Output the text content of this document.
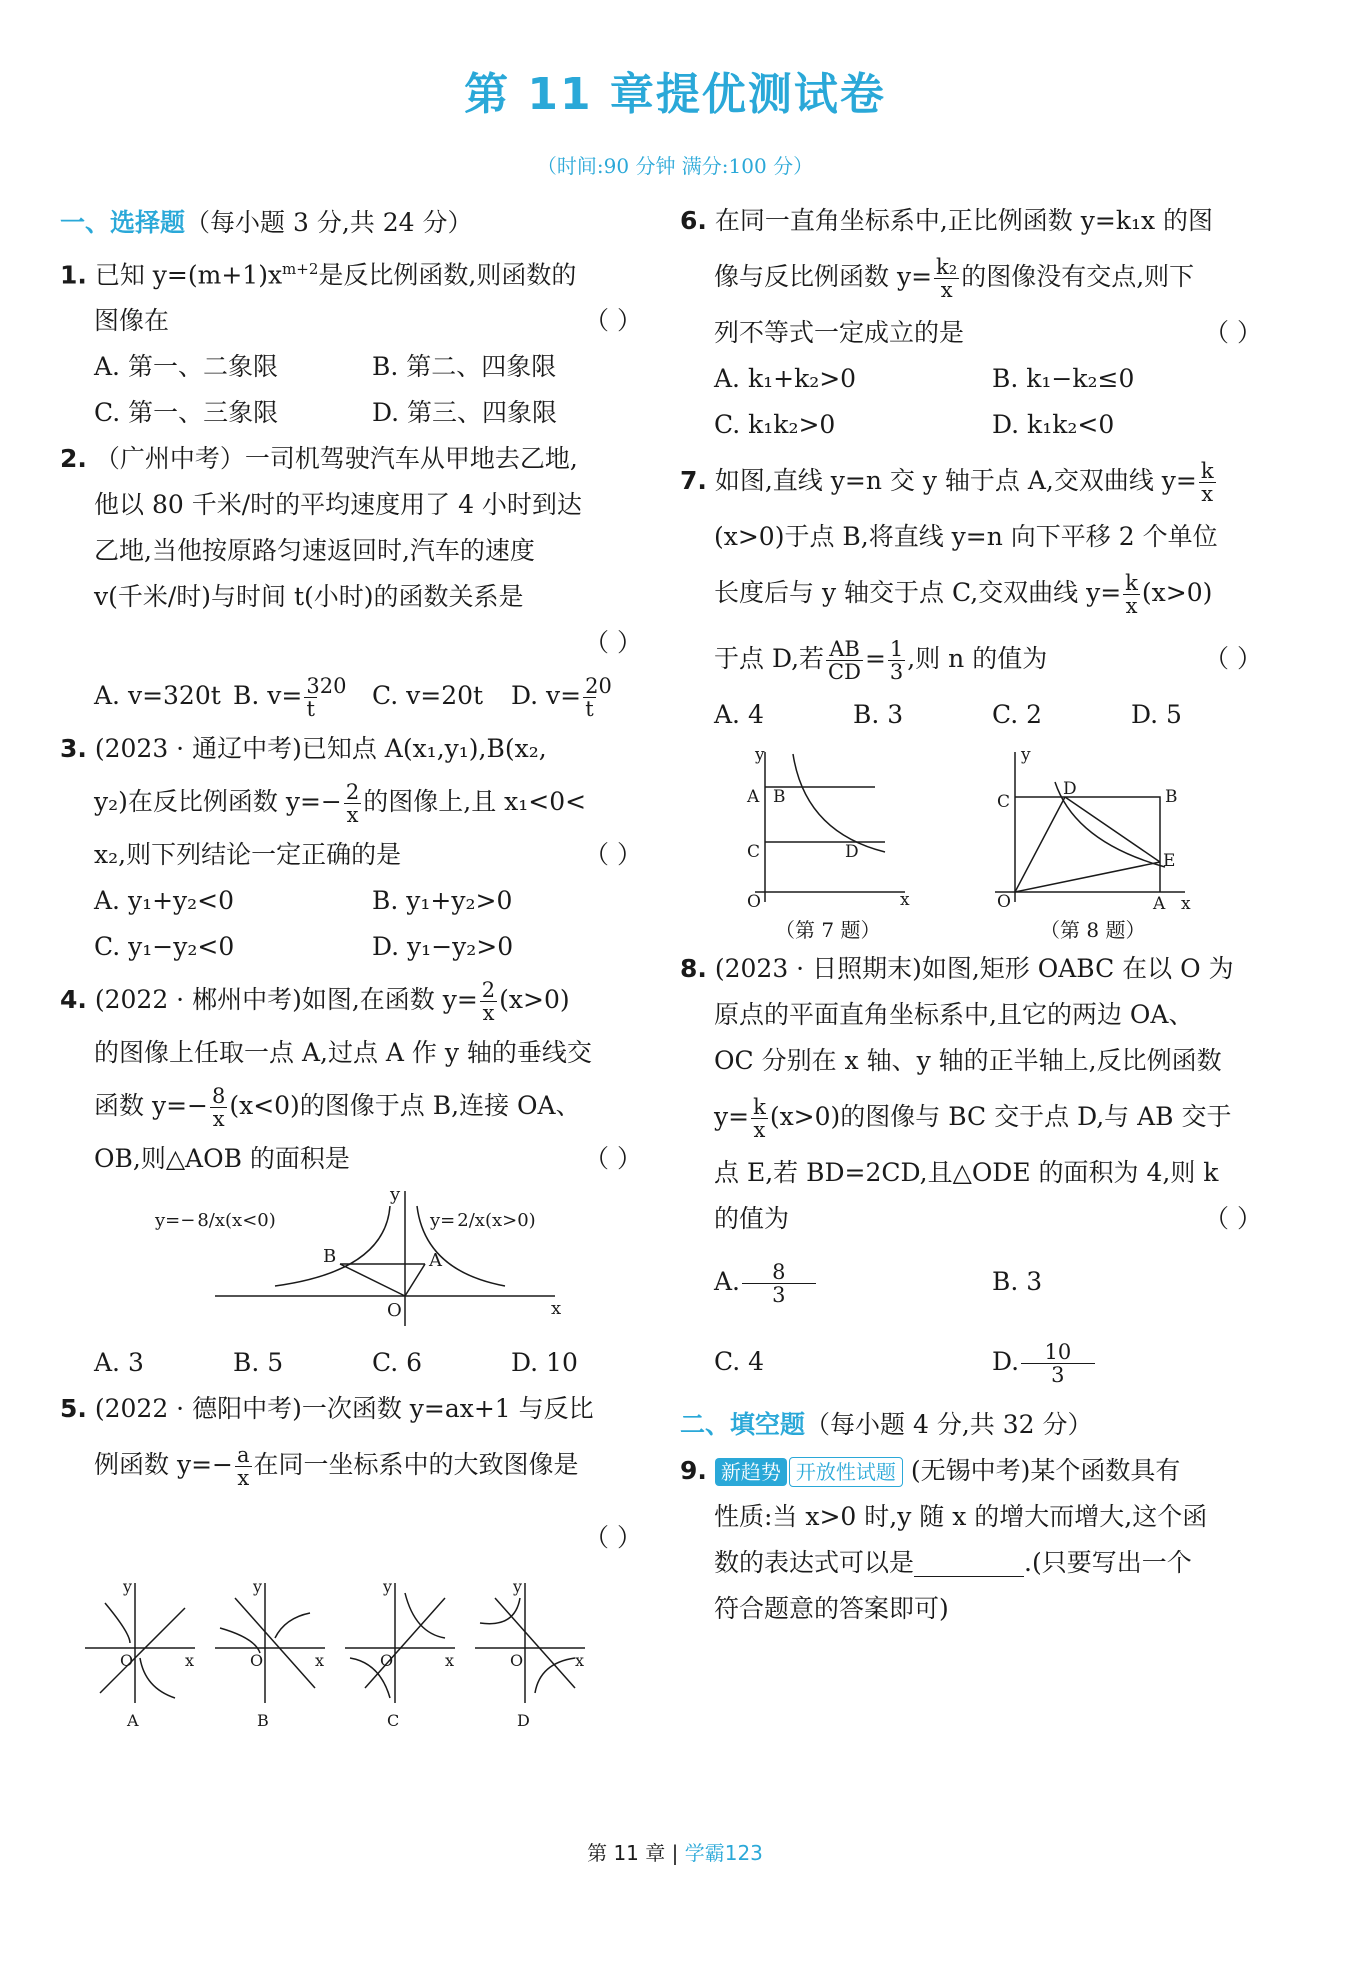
第 11 章提优测试卷
（时间:90 分钟 满分:100 分）
一、选择题（每小题 3 分,共 24 分）
1. 已知 $y=(m+1)x^{m+2}$是反比例函数,则函数的
图像在	（ ）
A. 第一、二象限	B. 第二、四象限
C. 第一、三象限	D. 第三、四象限
2. （广州中考）一司机驾驶汽车从甲地去乙地,
他以 80 千米/时的平均速度用了 4 小时到达
乙地,当他按原路匀速返回时,汽车的速度
v(千米/时)与时间 t(小时)的函数关系是
（ ）
A. v=320t B. $v= \frac{320}{t} C$. v=20t	D. $v= \frac{20}{t}$
3. (2023 · 通辽中考)已知点 A(x₁,y₁),B(x₂,
y₂)在反比例函数 $y=- \frac{2}{x}$ 的图像上,且 x₁<0<
x₂,则下列结论一定正确的是	（ ）
A. y₁+y₂<0	B. y₁+y₂>0
C. y₁−y₂<0	D. y₁−y₂>0
4. (2022 · 郴州中考)如图,在函数 $y= \frac{2}{x} (x>0)$
的图像上任取一点 A,过点 A 作 y 轴的垂线交
函数 $y=- \frac{8}{x} (x<0)$的图像于点 B,连接 OA、
OB,则△AOB 的面积是	（ ）
y=− 8/x(x<0)	y= 2/x(x>0)
B	A
O	x
y
A. 3	B. 5	C. 6	D. 10
5. (2022 · 德阳中考)一次函数 y=ax+1 与反比
例函数 $y=- \frac{a}{x}$ 在同一坐标系中的大致图像是
（ ）
O	x
y
A
O	x
y
B
O	x
y
C
O	x
y
D
6. 在同一直角坐标系中,正比例函数 y=k₁x 的图
像与反比例函数 $y= \frac{\text{k₂}}{x}$ 的图像没有交点,则下
列不等式一定成立的是	（ ）
A. k₁+k₂>0	B. k₁−k₂≤0
C. k₁k₂>0	D. k₁k₂<0
7. 如图,直线 y=n 交 y 轴于点 A,交双曲线 $y= \frac{k}{x}$
(x>0)于点 B,将直线 y=n 向下平移 2 个单位
长度后与 y 轴交于点 C,交双曲线 $y= \frac{k}{x} (x>0)$
于点 D,若 $\frac{AB}{CD} = \frac{1}{3}$ ,则 n 的值为	（ ）
A. 4	B. 3	C. 2	D. 5
y
A B
C	D
O	x
（第 7 题）
y
C
D	B
E
O	A x
（第 8 题）
8. (2023 · 日照期末)如图,矩形 OABC 在以 O 为
原点的平面直角坐标系中,且它的两边 OA、
OC 分别在 x 轴、y 轴的正半轴上,反比例函数
$y= \frac{k}{x} (x>0)$的图像与 BC 交于点 D,与 AB 交于
点 E,若 BD=2CD,且△ODE 的面积为 4,则 k
的值为	（ ）
A. $\frac{8}{3}$	B. 3
C. 4	D. $\frac{10}{3}$
二、填空题（每小题 4 分,共 32 分）
9. 新趋势 开放性试题 (无锡中考)某个函数具有
性质:当 x>0 时,y 随 x 的增大而增大,这个函
数的表达式可以是	.(只要写出一个
符合题意的答案即可)
第 11 章 | 学霸123
